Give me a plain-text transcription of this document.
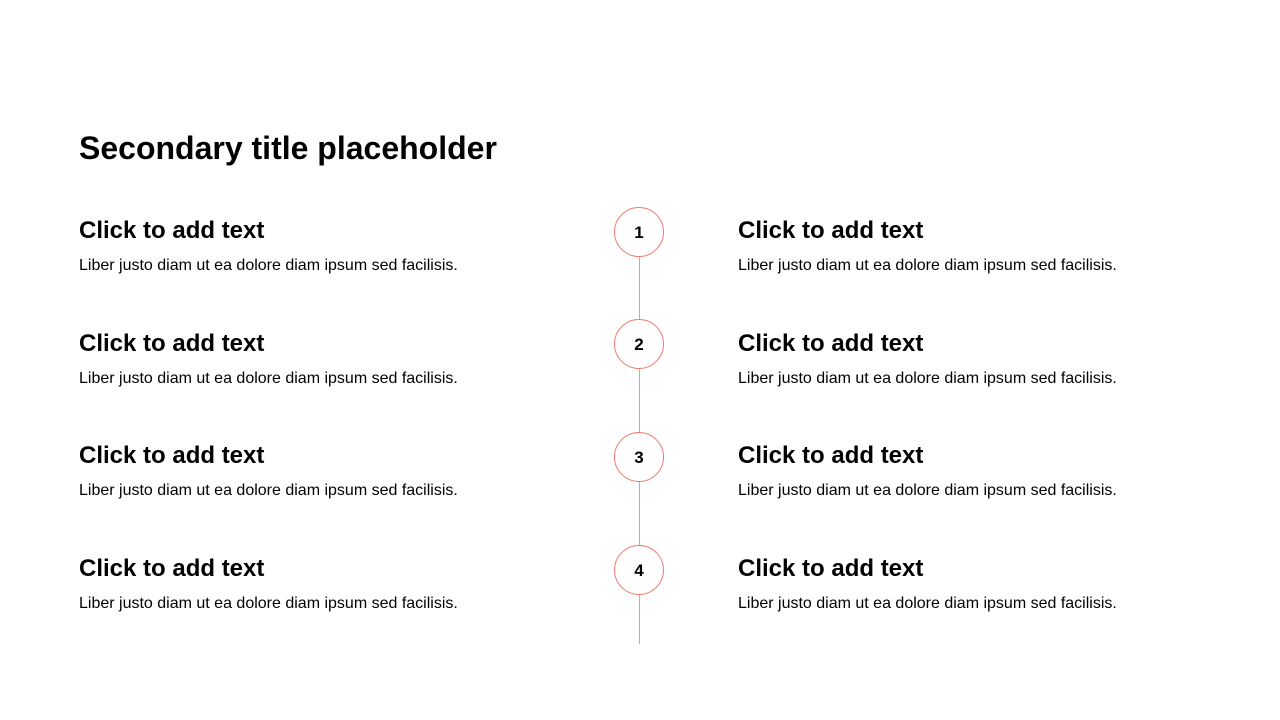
Secondary title placeholder
Click to add text
Liber justo diam ut ea dolore diam ipsum sed facilisis.
1	Click to add text
Liber justo diam ut ea dolore diam ipsum sed facilisis.
Click to add text
Liber justo diam ut ea dolore diam ipsum sed facilisis.
2	Click to add text
Liber justo diam ut ea dolore diam ipsum sed facilisis.
Click to add text
Liber justo diam ut ea dolore diam ipsum sed facilisis.
3	Click to add text
Liber justo diam ut ea dolore diam ipsum sed facilisis.
Click to add text
Liber justo diam ut ea dolore diam ipsum sed facilisis.
4	Click to add text
Liber justo diam ut ea dolore diam ipsum sed facilisis.
